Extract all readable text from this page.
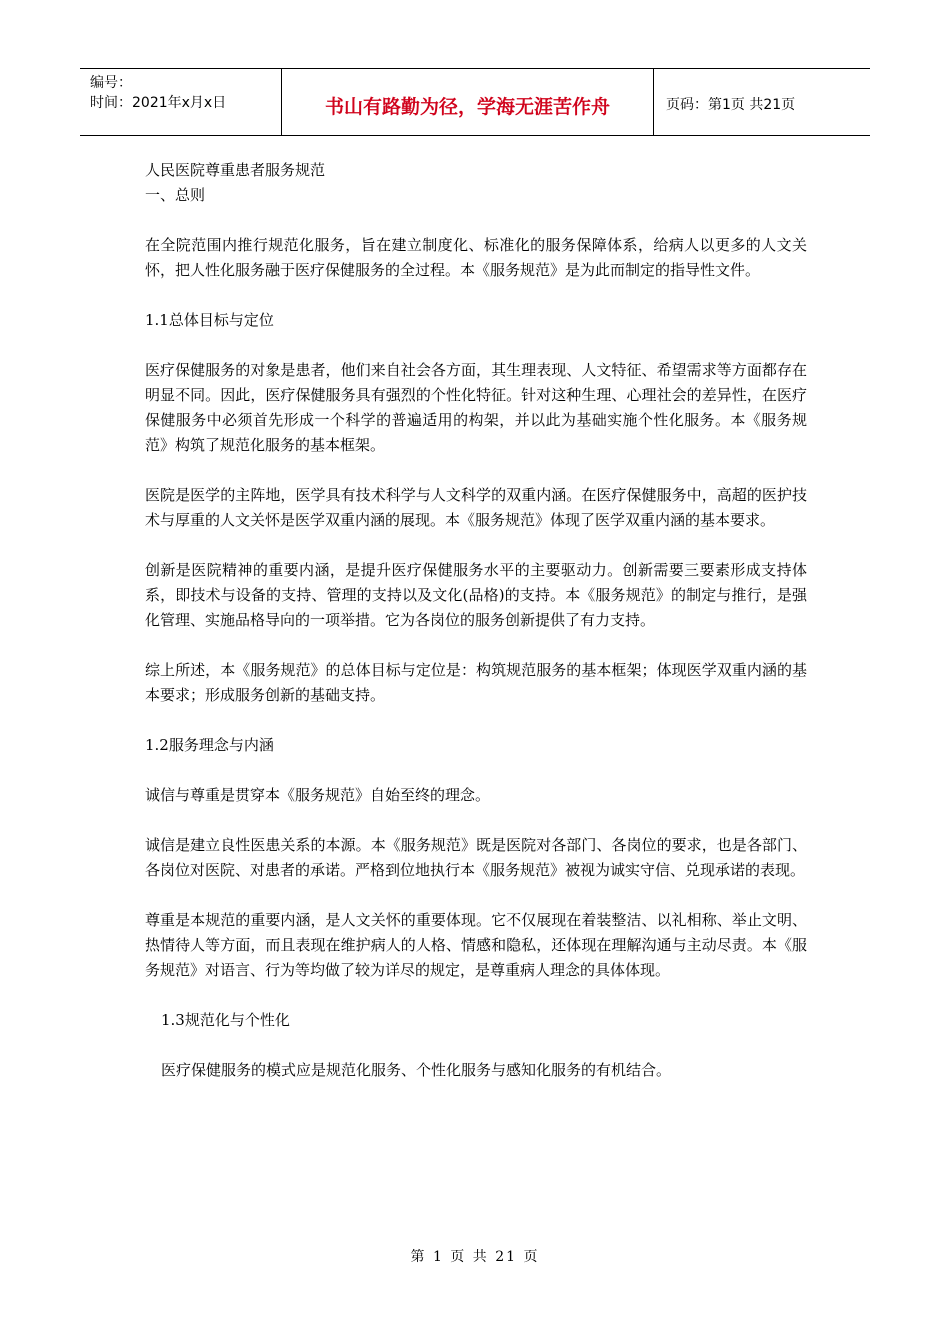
编号：
时间：2021年x月x日	书山有路勤为径，学海无涯苦作舟	页码：第1页 共21页

人民医院尊重患者服务规范

一、总则

在全院范围内推行规范化服务，旨在建立制度化、标准化的服务保障体系，给病人以更多的人文关怀，把人性化服务融于医疗保健服务的全过程。本《服务规范》是为此而制定的指导性文件。

1.1总体目标与定位

医疗保健服务的对象是患者，他们来自社会各方面，其生理表现、人文特征、希望需求等方面都存在明显不同。因此，医疗保健服务具有强烈的个性化特征。针对这种生理、心理社会的差异性，在医疗保健服务中必须首先形成一个科学的普遍适用的构架，并以此为基础实施个性化服务。本《服务规范》构筑了规范化服务的基本框架。

医院是医学的主阵地，医学具有技术科学与人文科学的双重内涵。在医疗保健服务中，高超的医护技术与厚重的人文关怀是医学双重内涵的展现。本《服务规范》体现了医学双重内涵的基本要求。

创新是医院精神的重要内涵，是提升医疗保健服务水平的主要驱动力。创新需要三要素形成支持体系，即技术与设备的支持、管理的支持以及文化(品格)的支持。本《服务规范》的制定与推行，是强化管理、实施品格导向的一项举措。它为各岗位的服务创新提供了有力支持。

综上所述，本《服务规范》的总体目标与定位是：构筑规范服务的基本框架；体现医学双重内涵的基本要求；形成服务创新的基础支持。

1.2服务理念与内涵

诚信与尊重是贯穿本《服务规范》自始至终的理念。

诚信是建立良性医患关系的本源。本《服务规范》既是医院对各部门、各岗位的要求，也是各部门、各岗位对医院、对患者的承诺。严格到位地执行本《服务规范》被视为诚实守信、兑现承诺的表现。

尊重是本规范的重要内涵，是人文关怀的重要体现。它不仅展现在着装整洁、以礼相称、举止文明、热情待人等方面，而且表现在维护病人的人格、情感和隐私，还体现在理解沟通与主动尽责。本《服务规范》对语言、行为等均做了较为详尽的规定，是尊重病人理念的具体体现。

1.3规范化与个性化

医疗保健服务的模式应是规范化服务、个性化服务与感知化服务的有机结合。

第 1 页 共 21 页
